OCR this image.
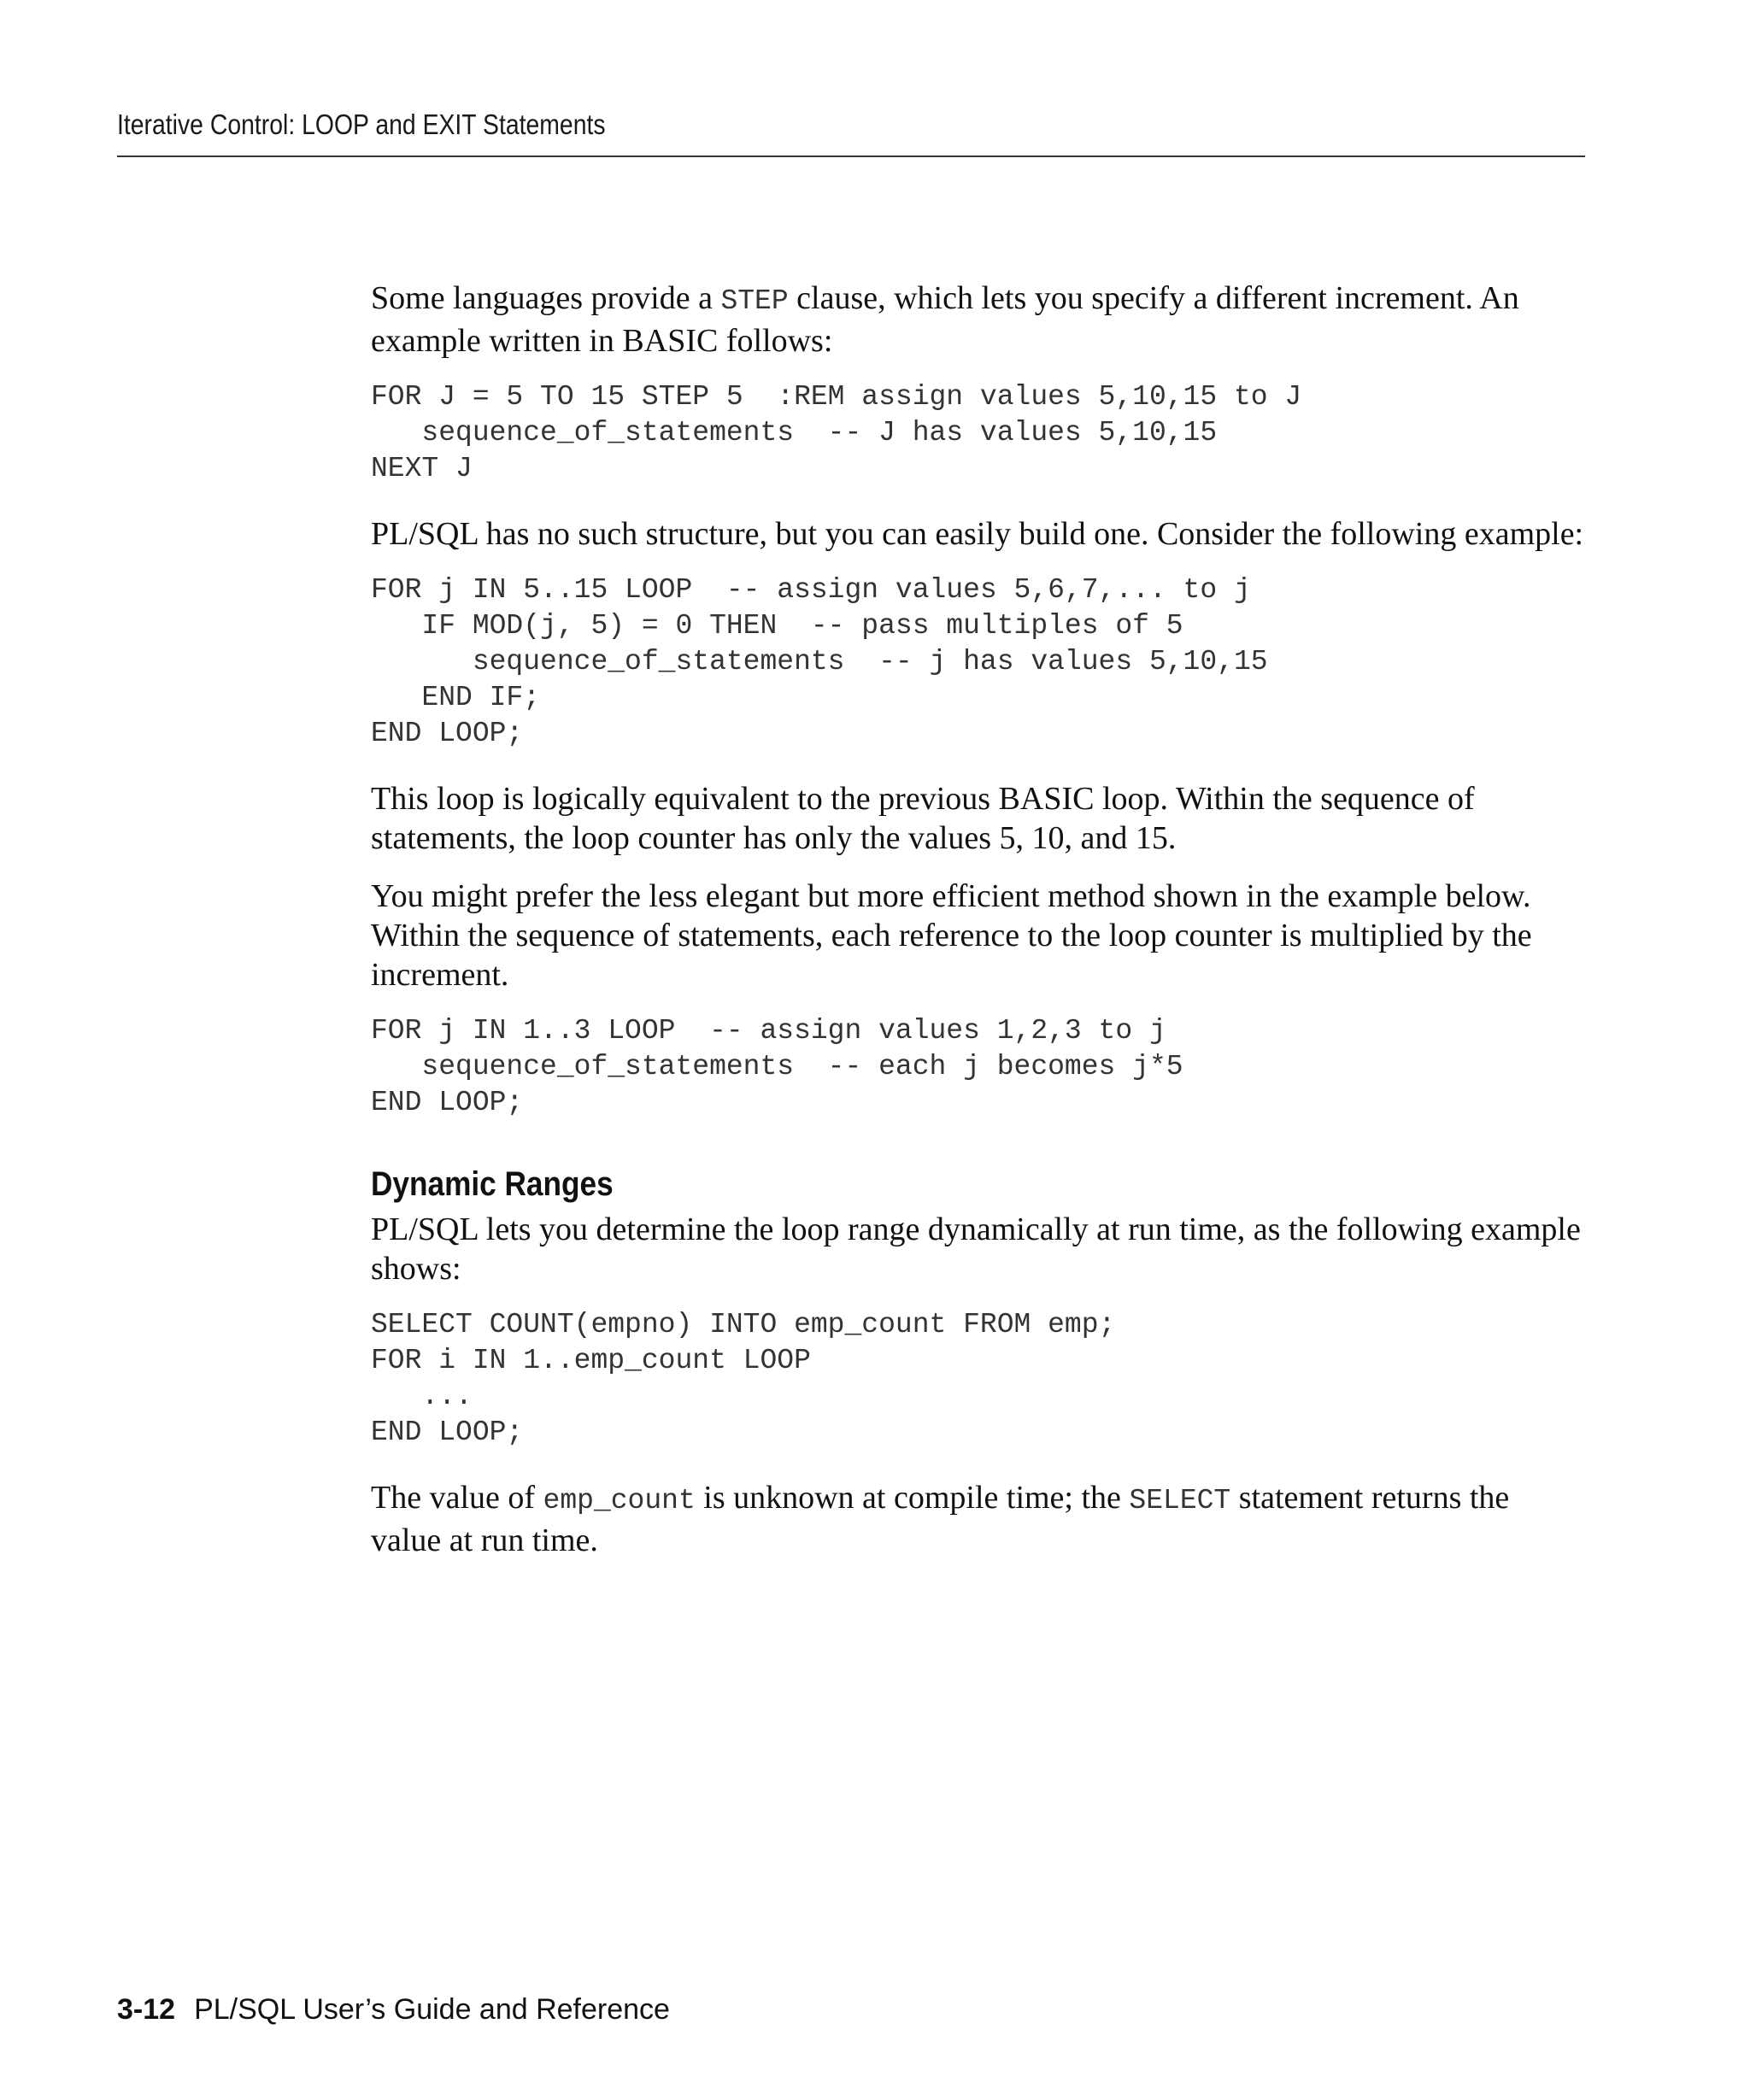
Iterative Control: LOOP and EXIT Statements

Some languages provide a STEP clause, which lets you specify a different increment. An example written in BASIC follows:

FOR J = 5 TO 15 STEP 5  :REM assign values 5,10,15 to J
sequence_of_statements  -- J has values 5,10,15
NEXT J

PL/SQL has no such structure, but you can easily build one. Consider the following example:

FOR j IN 5..15 LOOP  -- assign values 5,6,7,... to j
IF MOD(j, 5) = 0 THEN  -- pass multiples of 5
sequence_of_statements  -- j has values 5,10,15
END IF;
END LOOP;

This loop is logically equivalent to the previous BASIC loop. Within the sequence of statements, the loop counter has only the values 5, 10, and 15.

You might prefer the less elegant but more efficient method shown in the example below. Within the sequence of statements, each reference to the loop counter is multiplied by the increment.

FOR j IN 1..3 LOOP  -- assign values 1,2,3 to j
sequence_of_statements  -- each j becomes j*5
END LOOP;
Dynamic Ranges

PL/SQL lets you determine the loop range dynamically at run time, as the following example shows:

SELECT COUNT(empno) INTO emp_count FROM emp;
FOR i IN 1..emp_count LOOP
...
END LOOP;

The value of emp_count is unknown at compile time; the SELECT statement returns the value at run time.

3-12 PL/SQL User’s Guide and Reference
